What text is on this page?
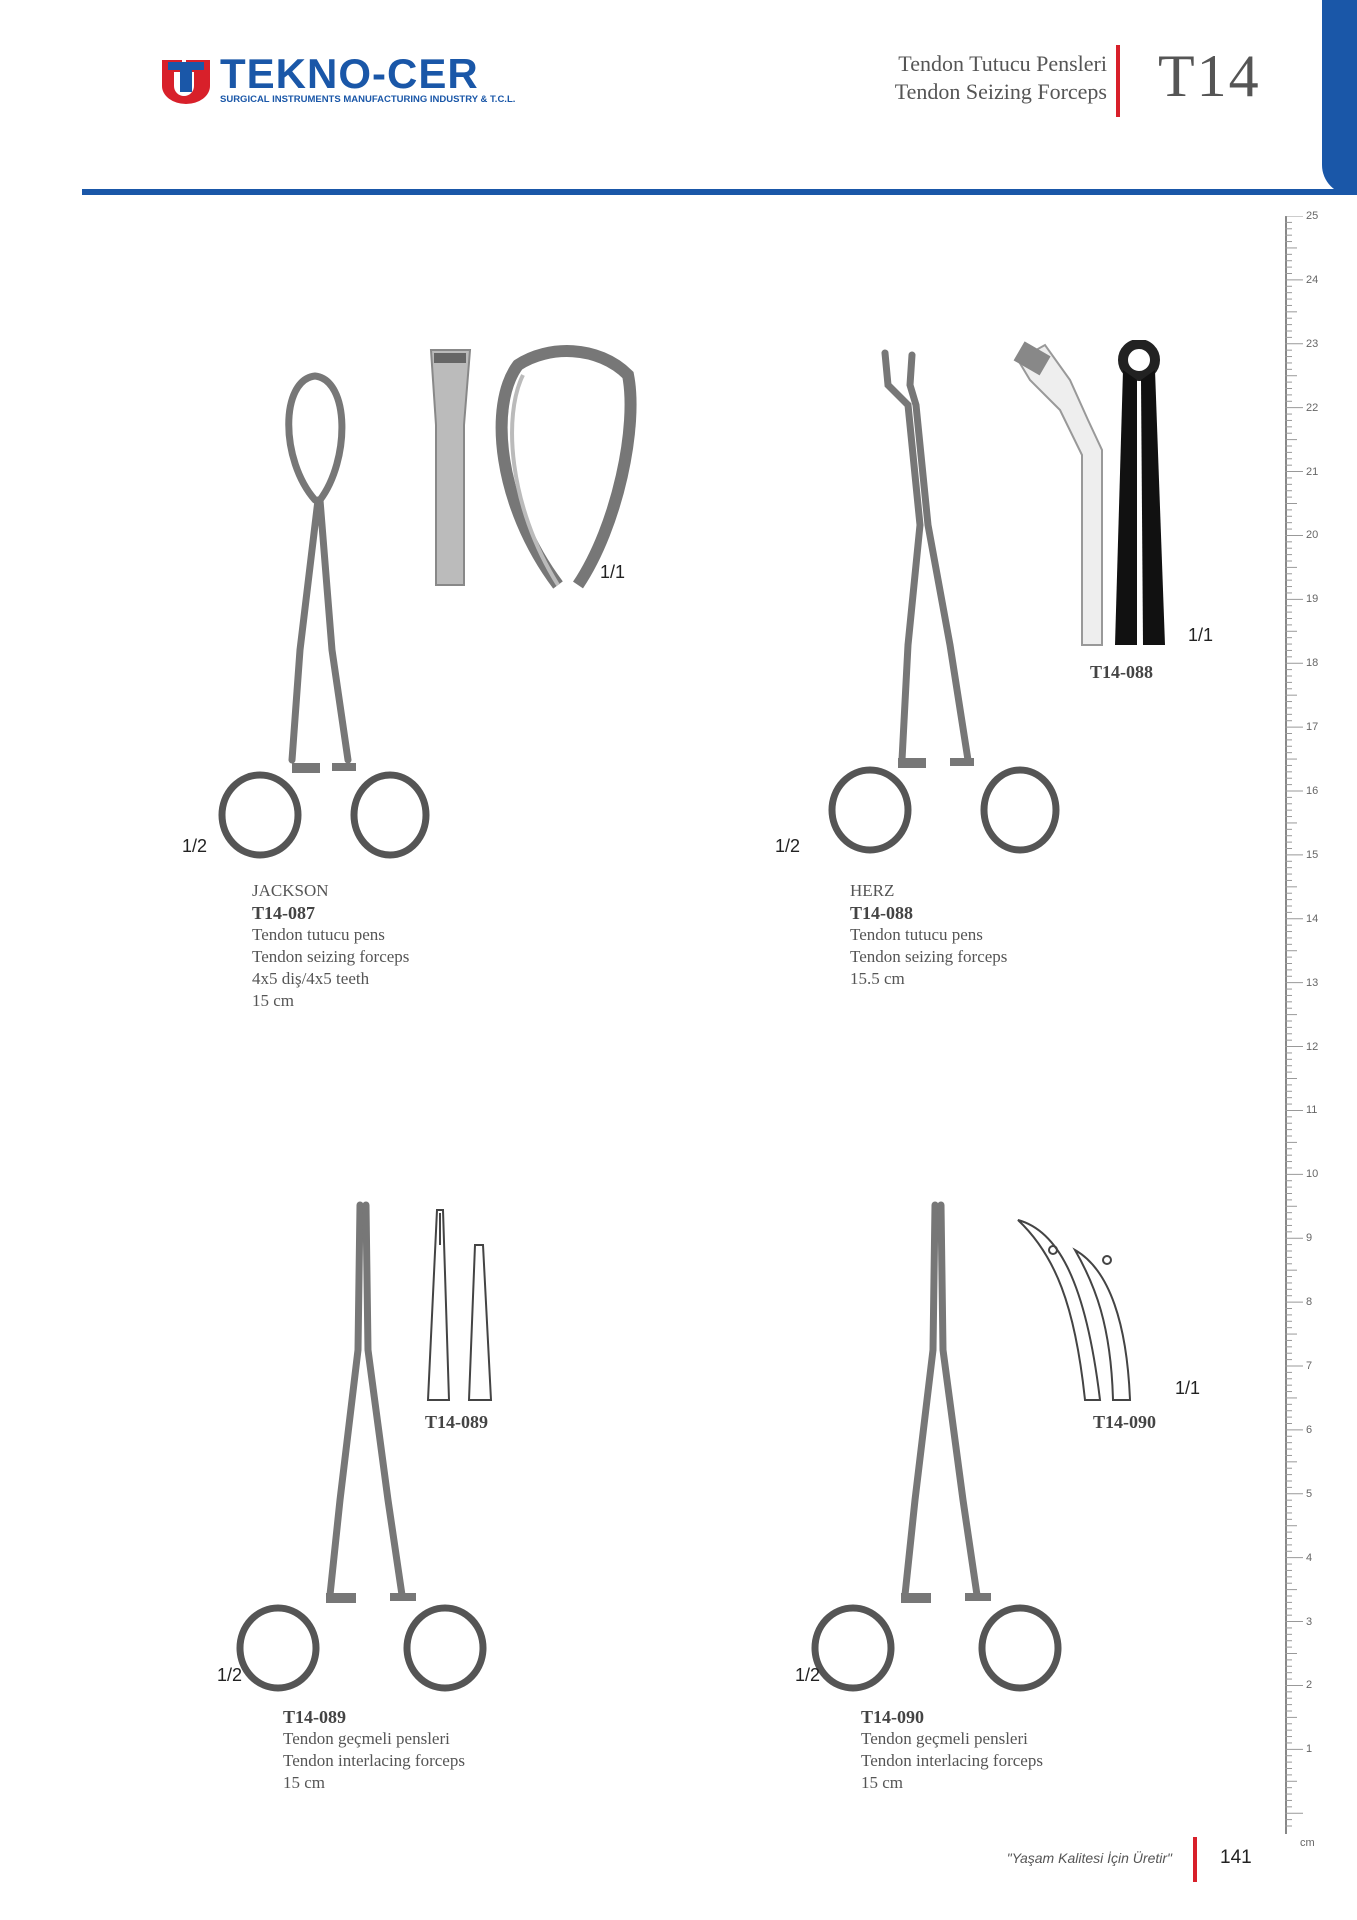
TEKNO-CER
SURGICAL INSTRUMENTS MANUFACTURING INDUSTRY & T.C.L.
Tendon Tutucu Pensleri
Tendon Seizing Forceps T14
1/1
1/2
JACKSON
T14-087
Tendon tutucu pens
Tendon seizing forceps
4x5 diş/4x5 teeth
15 cm
1/1
T14-088
1/2
HERZ
T14-088
Tendon tutucu pens
Tendon seizing forceps
15.5 cm
T14-089
1/2
T14-089
Tendon geçmeli pensleri
Tendon interlacing forceps
15 cm
1/1
T14-090
1/2
T14-090
Tendon geçmeli pensleri
Tendon interlacing forceps
15 cm
25
24
23
22
21
20
19
18
17
16
15
14
13
12
11
10
9
8
7
6
5
4
3
2
1
cm
"Yaşam Kalitesi İçin Üretir"	141
